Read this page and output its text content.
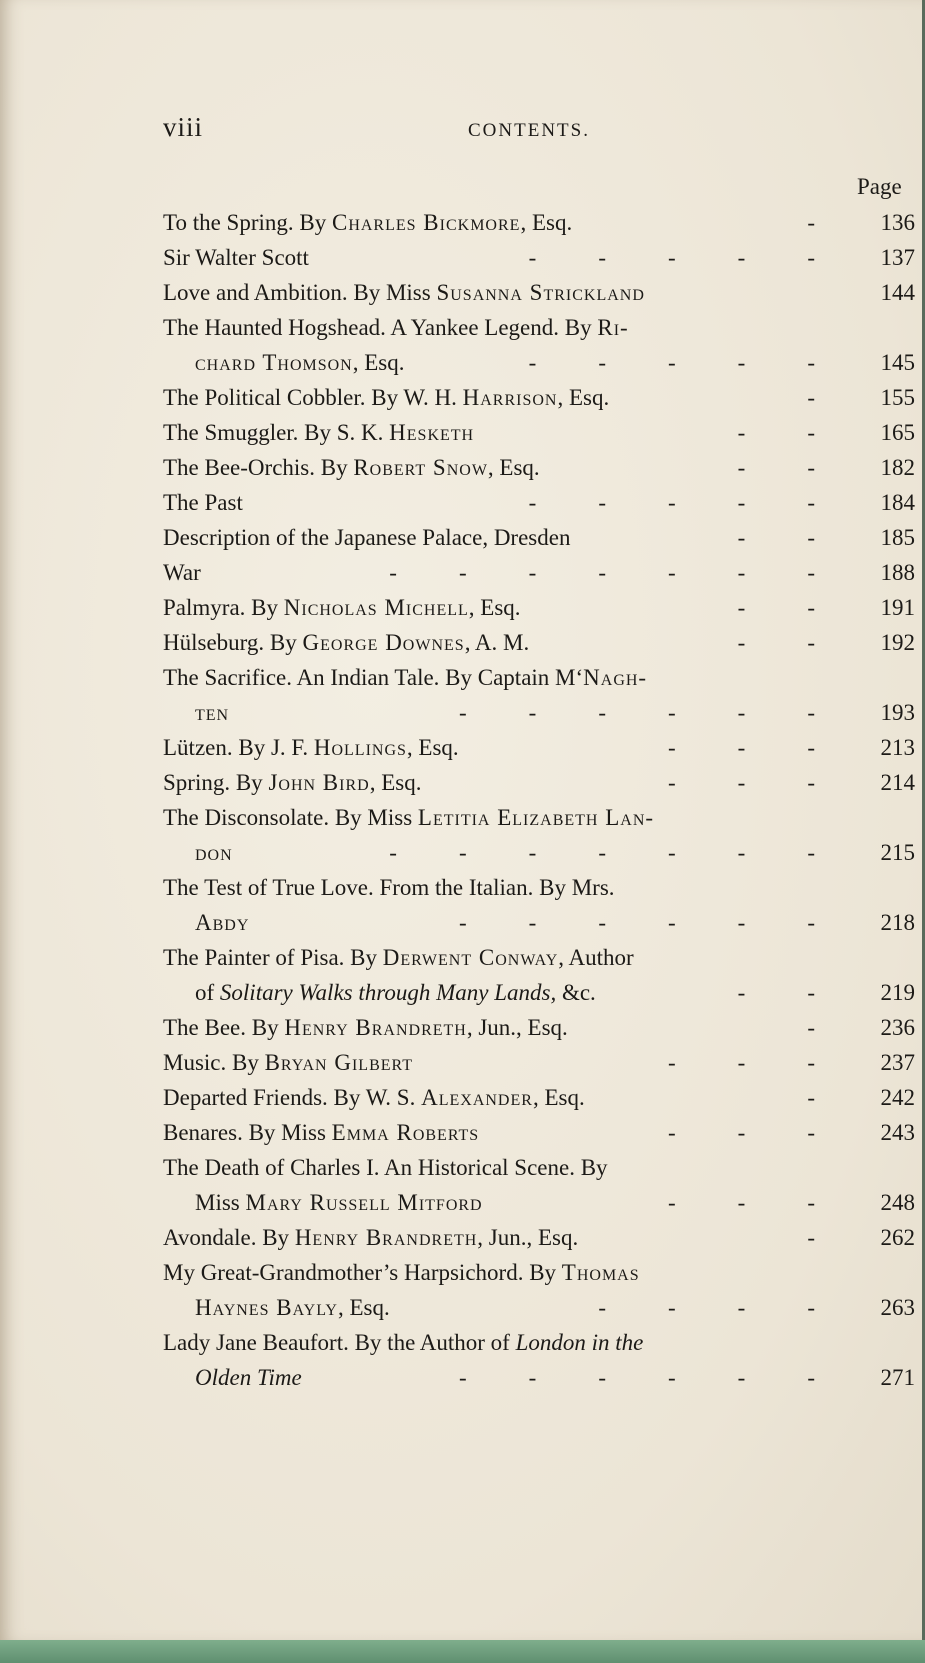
viii	CONTENTS.
Page
To the Spring. By Charles Bickmore, Esq.	-	136
Sir Walter Scott	-	-	-	-	-	137
Love and Ambition. By Miss Susanna Strickland	144
The Haunted Hogshead. A Yankee Legend. By Ri-
chard Thomson, Esq.	-	-	-	-	-	145
The Political Cobbler. By W. H. Harrison, Esq.	-	155
The Smuggler. By S. K. Hesketh	-	-	165
The Bee-Orchis. By Robert Snow, Esq.	-	-	182
The Past	-	-	-	-	-	184
Description of the Japanese Palace, Dresden	-	-	185
War	-	-	-	-	-	-	-	188
Palmyra. By Nicholas Michell, Esq.	-	-	191
Hülseburg. By George Downes, A. M.	-	-	192
The Sacrifice. An Indian Tale. By Captain M‘Nagh-
ten	-	-	-	-	-	-	193
Lützen. By J. F. Hollings, Esq.	-	-	-	213
Spring. By John Bird, Esq.	-	-	-	214
The Disconsolate. By Miss Letitia Elizabeth Lan-
don	-	-	-	-	-	-	-	215
The Test of True Love. From the Italian. By Mrs.
Abdy	-	-	-	-	-	-	218
The Painter of Pisa. By Derwent Conway, Author
of Solitary Walks through Many Lands, &c.	-	-	219
The Bee. By Henry Brandreth, Jun., Esq.	-	236
Music. By Bryan Gilbert	-	-	-	237
Departed Friends. By W. S. Alexander, Esq.	-	242
Benares. By Miss Emma Roberts	-	-	-	243
The Death of Charles I. An Historical Scene. By
Miss Mary Russell Mitford	-	-	-	248
Avondale. By Henry Brandreth, Jun., Esq.	-	262
My Great-Grandmother’s Harpsichord. By Thomas
Haynes Bayly, Esq.	-	-	-	-	263
Lady Jane Beaufort. By the Author of London in the
Olden Time	-	-	-	-	-	-	271
